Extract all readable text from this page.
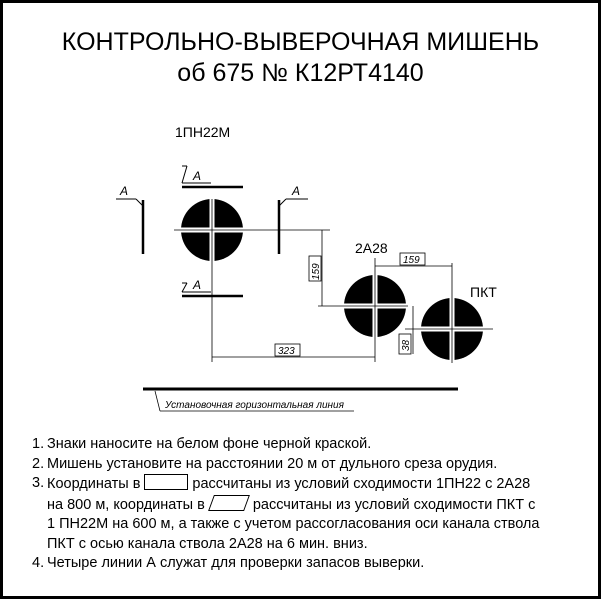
КОНТРОЛЬНО-ВЫВЕРОЧНАЯ МИШЕНЬ
об 675 № К12РТ4140
1ПН22М
А
А	А
А
159
2А28
159
ПКТ
38
323
Установочная горизонтальная линия
1. Знаки наносите на белом фоне черной краской.
2. Мишень установите на расстоянии 20 м от дульного среза орудия.
3. Координаты в	рассчитаны из условий сходимости 1ПН22 с 2А28
на 800 м, координаты в	рассчитаны из условий сходимости ПКТ с
1 ПН22М на 600 м, а также с учетом рассогласования оси канала ствола
ПКТ с осью канала ствола 2А28 на 6 мин. вниз.
4. Четыре линии А служат для проверки запасов выверки.
